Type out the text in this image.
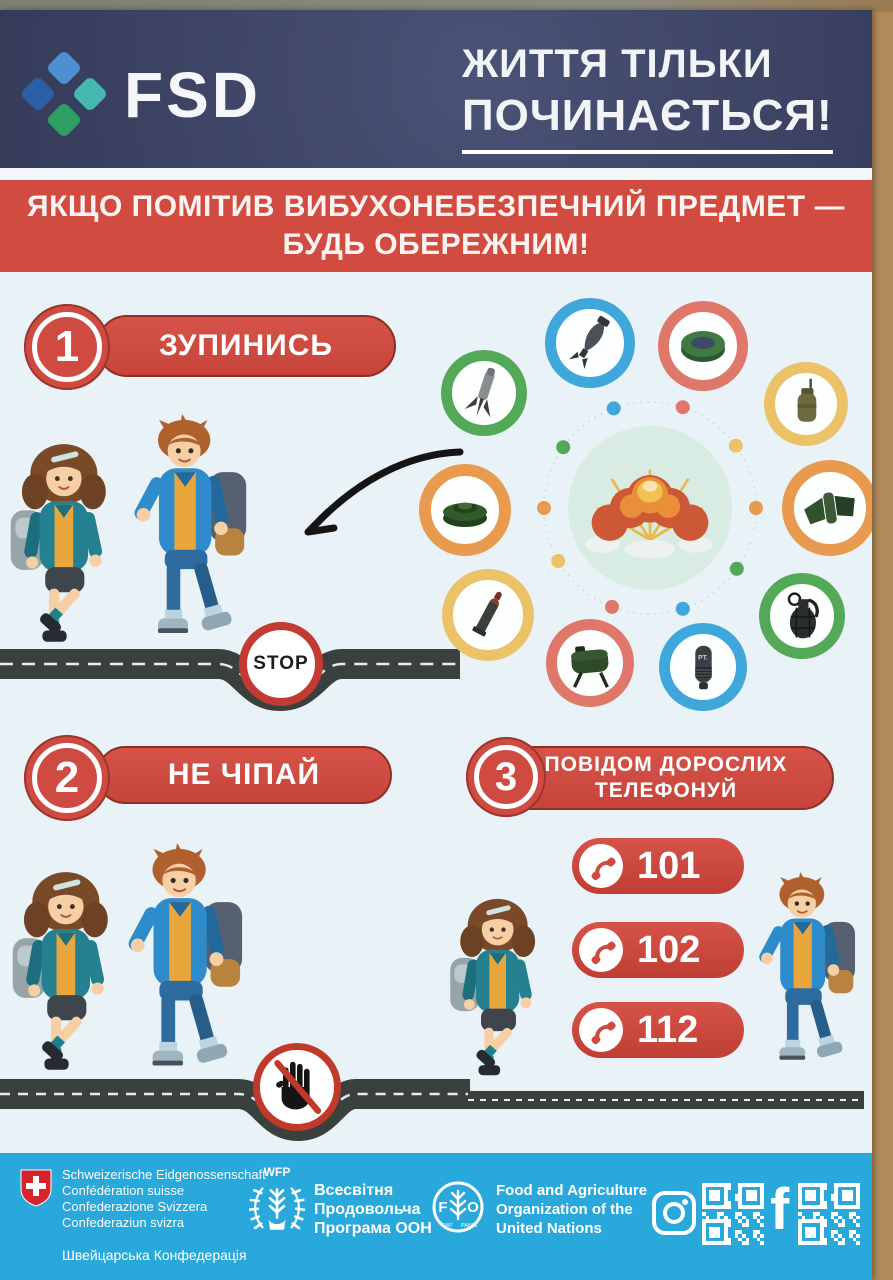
FSD	ЖИТТЯ ТІЛЬКИ
ПОЧИНАЄТЬСЯ!
ЯКЩО ПОМІТИВ ВИБУХОНЕБЕЗПЕЧНИЙ ПРЕДМЕТ —
БУДЬ ОБЕРЕЖНИМ!
ЗУПИНИСЬ
1
STOP
НЕ ЧІПАЙ
2	ПОВІДОМ ДОРОСЛИХ
ТЕЛЕФОНУЙ
3
101
102
112
Schweizerische Eidgenossenschaft
Confédération suisse
Confederazione Svizzera
Confederaziun svizra
Швейцарська Конфедерація
WFP
Всесвітня
Продовольча
Програма ООН
Food and Agriculture
Organization of the
United Nations	f
